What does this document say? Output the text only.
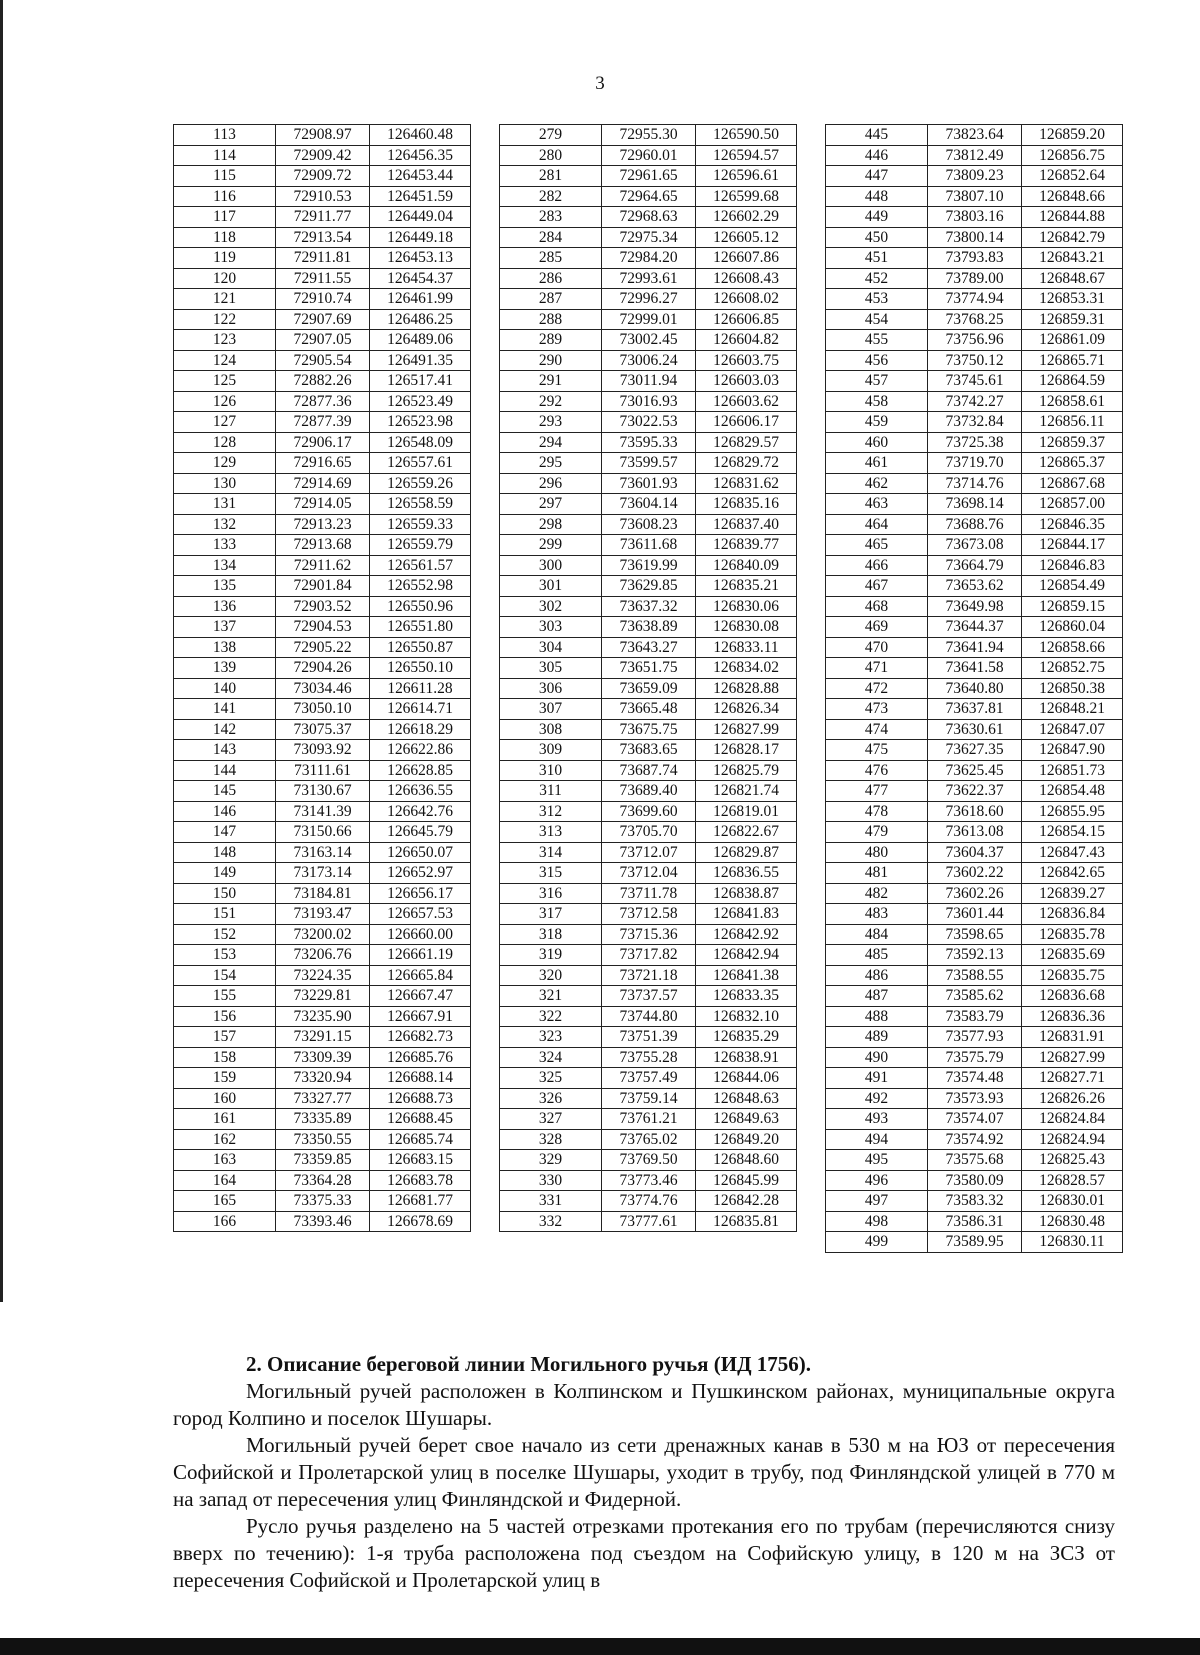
3
113	72908.97	126460.48
114	72909.42	126456.35
115	72909.72	126453.44
116	72910.53	126451.59
117	72911.77	126449.04
118	72913.54	126449.18
119	72911.81	126453.13
120	72911.55	126454.37
121	72910.74	126461.99
122	72907.69	126486.25
123	72907.05	126489.06
124	72905.54	126491.35
125	72882.26	126517.41
126	72877.36	126523.49
127	72877.39	126523.98
128	72906.17	126548.09
129	72916.65	126557.61
130	72914.69	126559.26
131	72914.05	126558.59
132	72913.23	126559.33
133	72913.68	126559.79
134	72911.62	126561.57
135	72901.84	126552.98
136	72903.52	126550.96
137	72904.53	126551.80
138	72905.22	126550.87
139	72904.26	126550.10
140	73034.46	126611.28
141	73050.10	126614.71
142	73075.37	126618.29
143	73093.92	126622.86
144	73111.61	126628.85
145	73130.67	126636.55
146	73141.39	126642.76
147	73150.66	126645.79
148	73163.14	126650.07
149	73173.14	126652.97
150	73184.81	126656.17
151	73193.47	126657.53
152	73200.02	126660.00
153	73206.76	126661.19
154	73224.35	126665.84
155	73229.81	126667.47
156	73235.90	126667.91
157	73291.15	126682.73
158	73309.39	126685.76
159	73320.94	126688.14
160	73327.77	126688.73
161	73335.89	126688.45
162	73350.55	126685.74
163	73359.85	126683.15
164	73364.28	126683.78
165	73375.33	126681.77
166	73393.46	126678.69
279	72955.30	126590.50
280	72960.01	126594.57
281	72961.65	126596.61
282	72964.65	126599.68
283	72968.63	126602.29
284	72975.34	126605.12
285	72984.20	126607.86
286	72993.61	126608.43
287	72996.27	126608.02
288	72999.01	126606.85
289	73002.45	126604.82
290	73006.24	126603.75
291	73011.94	126603.03
292	73016.93	126603.62
293	73022.53	126606.17
294	73595.33	126829.57
295	73599.57	126829.72
296	73601.93	126831.62
297	73604.14	126835.16
298	73608.23	126837.40
299	73611.68	126839.77
300	73619.99	126840.09
301	73629.85	126835.21
302	73637.32	126830.06
303	73638.89	126830.08
304	73643.27	126833.11
305	73651.75	126834.02
306	73659.09	126828.88
307	73665.48	126826.34
308	73675.75	126827.99
309	73683.65	126828.17
310	73687.74	126825.79
311	73689.40	126821.74
312	73699.60	126819.01
313	73705.70	126822.67
314	73712.07	126829.87
315	73712.04	126836.55
316	73711.78	126838.87
317	73712.58	126841.83
318	73715.36	126842.92
319	73717.82	126842.94
320	73721.18	126841.38
321	73737.57	126833.35
322	73744.80	126832.10
323	73751.39	126835.29
324	73755.28	126838.91
325	73757.49	126844.06
326	73759.14	126848.63
327	73761.21	126849.63
328	73765.02	126849.20
329	73769.50	126848.60
330	73773.46	126845.99
331	73774.76	126842.28
332	73777.61	126835.81
445	73823.64	126859.20
446	73812.49	126856.75
447	73809.23	126852.64
448	73807.10	126848.66
449	73803.16	126844.88
450	73800.14	126842.79
451	73793.83	126843.21
452	73789.00	126848.67
453	73774.94	126853.31
454	73768.25	126859.31
455	73756.96	126861.09
456	73750.12	126865.71
457	73745.61	126864.59
458	73742.27	126858.61
459	73732.84	126856.11
460	73725.38	126859.37
461	73719.70	126865.37
462	73714.76	126867.68
463	73698.14	126857.00
464	73688.76	126846.35
465	73673.08	126844.17
466	73664.79	126846.83
467	73653.62	126854.49
468	73649.98	126859.15
469	73644.37	126860.04
470	73641.94	126858.66
471	73641.58	126852.75
472	73640.80	126850.38
473	73637.81	126848.21
474	73630.61	126847.07
475	73627.35	126847.90
476	73625.45	126851.73
477	73622.37	126854.48
478	73618.60	126855.95
479	73613.08	126854.15
480	73604.37	126847.43
481	73602.22	126842.65
482	73602.26	126839.27
483	73601.44	126836.84
484	73598.65	126835.78
485	73592.13	126835.69
486	73588.55	126835.75
487	73585.62	126836.68
488	73583.79	126836.36
489	73577.93	126831.91
490	73575.79	126827.99
491	73574.48	126827.71
492	73573.93	126826.26
493	73574.07	126824.84
494	73574.92	126824.94
495	73575.68	126825.43
496	73580.09	126828.57
497	73583.32	126830.01
498	73586.31	126830.48
499	73589.95	126830.11

2. Описание береговой линии Могильного ручья (ИД 1756).

Могильный ручей расположен в Колпинском и Пушкинском районах, муниципальные округа город Колпино и поселок Шушары.

Могильный ручей берет свое начало из сети дренажных канав в 530 м на ЮЗ от пересечения Софийской и Пролетарской улиц в поселке Шушары, уходит в трубу, под Финляндской улицей в 770 м на запад от пересечения улиц Финляндской и Фидерной.

Русло ручья разделено на 5 частей отрезками протекания его по трубам (перечисляются снизу вверх по течению): 1-я труба расположена под съездом на Софийскую улицу, в 120 м на ЗСЗ от пересечения Софийской и Пролетарской улиц в
